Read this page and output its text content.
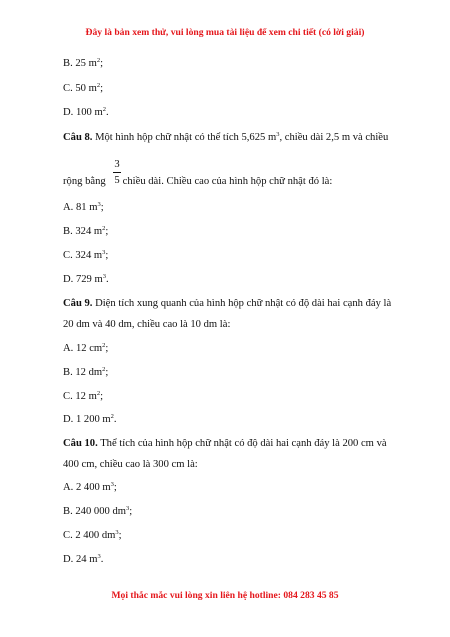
Đây là bản xem thử, vui lòng mua tài liệu để xem chi tiết (có lời giải)
B. 25 $m^2$;
C. 50 $m^2$;
D. 100 $m^2$.
Câu 8. Một hình hộp chữ nhật có thể tích 5,625 $m^3$, chiều dài 2,5 m và chiều
3
5
rộng bằng chiều dài. Chiều cao của hình hộp chữ nhật đó là:
A. 81 $m^3$;
B. 324 $m^2$;
C. 324 $m^3$;
D. 729 $m^3$.
Câu 9. Diện tích xung quanh của hình hộp chữ nhật có độ dài hai cạnh đáy là
20 dm và 40 dm, chiều cao là 10 dm là:
A. 12 $cm^2$;
B. 12 $dm^2$;
C. 12 $m^2$;
D. 1 200 $m^2$.
Câu 10. Thể tích của hình hộp chữ nhật có độ dài hai cạnh đáy là 200 cm và
400 cm, chiều cao là 300 cm là:
A. 2 400 $m^3$;
B. 240 000 $dm^3$;
C. 2 400 $dm^3$;
D. 24 $m^3$.
Mọi thắc mắc vui lòng xin liên hệ hotline: 084 283 45 85
